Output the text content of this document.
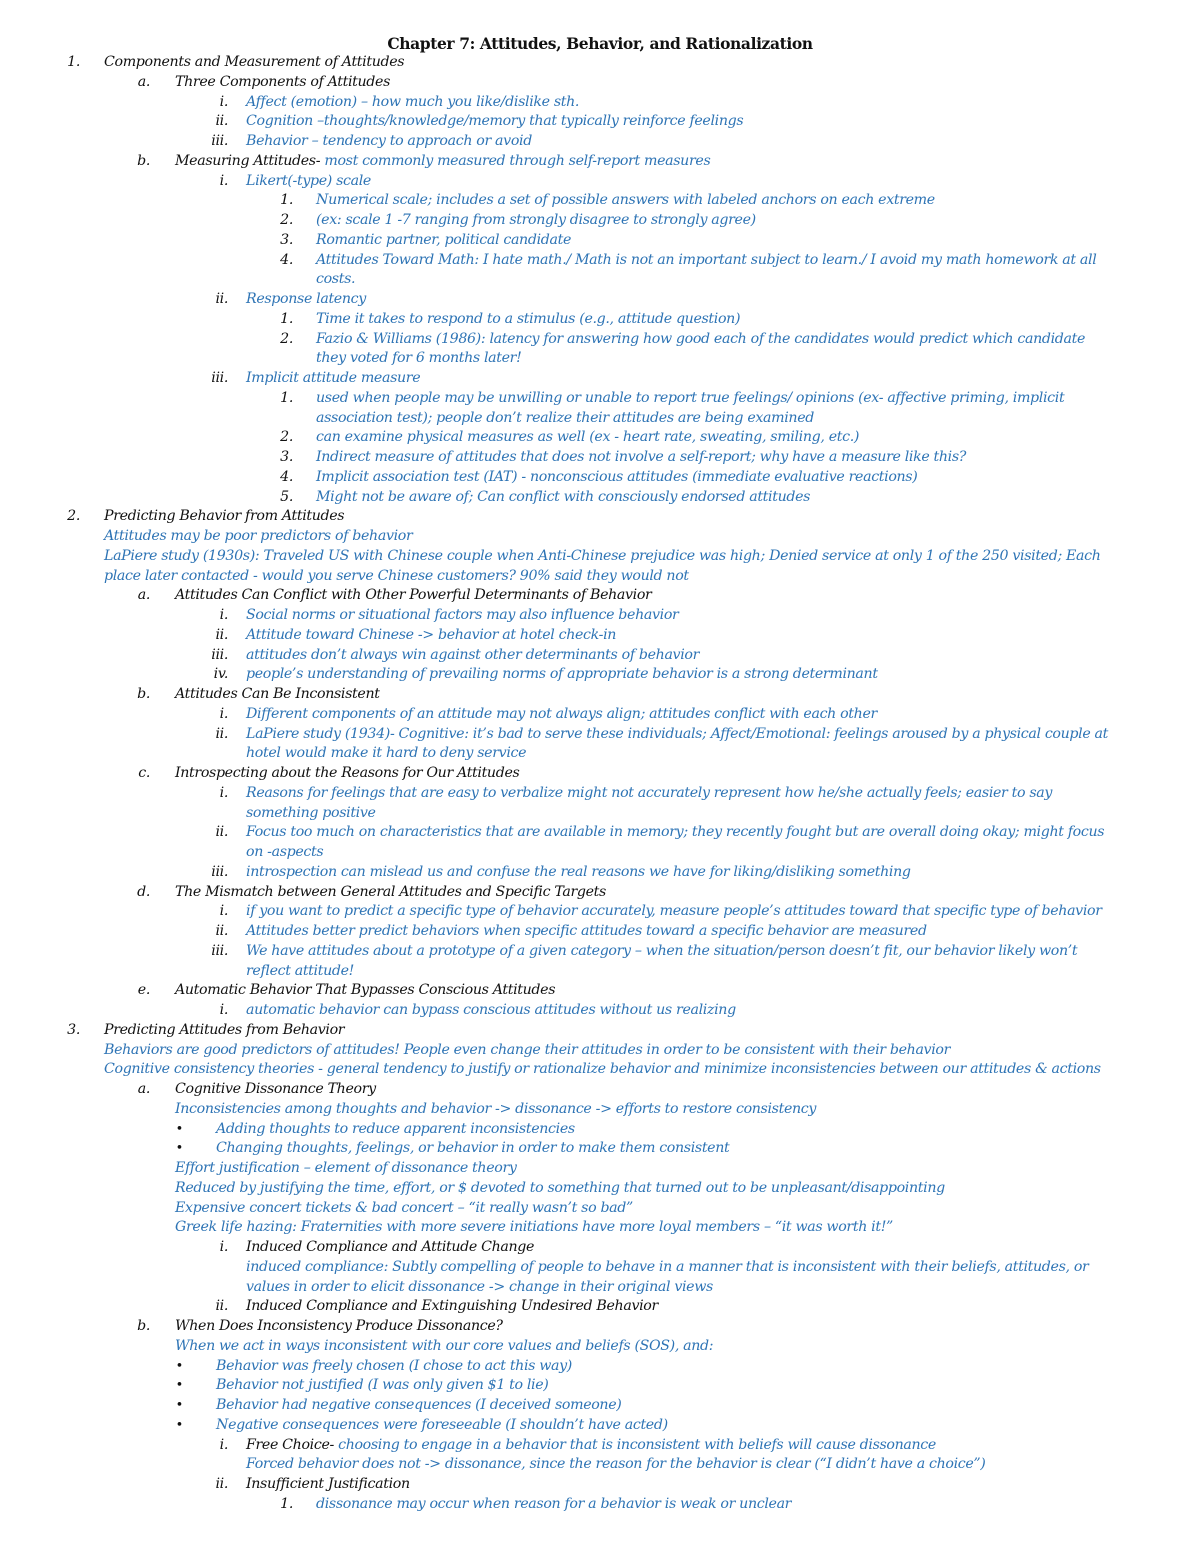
Chapter 7: Attitudes, Behavior, and Rationalization
1. Components and Measurement of Attitudes
a. Three Components of Attitudes
i. Affect (emotion) – how much you like/dislike sth.
ii. Cognition –thoughts/knowledge/memory that typically reinforce feelings
iii. Behavior – tendency to approach or avoid
b. Measuring Attitudes- most commonly measured through self-report measures
i. Likert(-type) scale
1. Numerical scale; includes a set of possible answers with labeled anchors on each extreme
2. (ex: scale 1 -7 ranging from strongly disagree to strongly agree)
3. Romantic partner, political candidate
4. Attitudes Toward Math: I hate math./ Math is not an important subject to learn./ I avoid my math homework at all
costs.
ii. Response latency
1. Time it takes to respond to a stimulus (e.g., attitude question)
2. Fazio & Williams (1986): latency for answering how good each of the candidates would predict which candidate
they voted for 6 months later!
iii. Implicit attitude measure
1. used when people may be unwilling or unable to report true feelings/ opinions (ex- affective priming, implicit
association test); people don’t realize their attitudes are being examined
2. can examine physical measures as well (ex - heart rate, sweating, smiling, etc.)
3. Indirect measure of attitudes that does not involve a self-report; why have a measure like this?
4. Implicit association test (IAT) - nonconscious attitudes (immediate evaluative reactions)
5. Might not be aware of; Can conflict with consciously endorsed attitudes
2. Predicting Behavior from Attitudes
Attitudes may be poor predictors of behavior
LaPiere study (1930s): Traveled US with Chinese couple when Anti-Chinese prejudice was high; Denied service at only 1 of the 250 visited; Each
place later contacted - would you serve Chinese customers? 90% said they would not
a. Attitudes Can Conflict with Other Powerful Determinants of Behavior
i. Social norms or situational factors may also influence behavior
ii. Attitude toward Chinese -> behavior at hotel check-in
iii. attitudes don’t always win against other determinants of behavior
iv. people’s understanding of prevailing norms of appropriate behavior is a strong determinant
b. Attitudes Can Be Inconsistent
i. Different components of an attitude may not always align; attitudes conflict with each other
ii. LaPiere study (1934)- Cognitive: it’s bad to serve these individuals; Affect/Emotional: feelings aroused by a physical couple at
hotel would make it hard to deny service
c. Introspecting about the Reasons for Our Attitudes
i. Reasons for feelings that are easy to verbalize might not accurately represent how he/she actually feels; easier to say
something positive
ii. Focus too much on characteristics that are available in memory; they recently fought but are overall doing okay; might focus
on -aspects
iii. introspection can mislead us and confuse the real reasons we have for liking/disliking something
d. The Mismatch between General Attitudes and Specific Targets
i. if you want to predict a specific type of behavior accurately, measure people’s attitudes toward that specific type of behavior
ii. Attitudes better predict behaviors when specific attitudes toward a specific behavior are measured
iii. We have attitudes about a prototype of a given category – when the situation/person doesn’t fit, our behavior likely won’t
reflect attitude!
e. Automatic Behavior That Bypasses Conscious Attitudes
i. automatic behavior can bypass conscious attitudes without us realizing
3. Predicting Attitudes from Behavior
Behaviors are good predictors of attitudes! People even change their attitudes in order to be consistent with their behavior
Cognitive consistency theories - general tendency to justify or rationalize behavior and minimize inconsistencies between our attitudes & actions
a. Cognitive Dissonance Theory
Inconsistencies among thoughts and behavior -> dissonance -> efforts to restore consistency
• Adding thoughts to reduce apparent inconsistencies
• Changing thoughts, feelings, or behavior in order to make them consistent
Effort justification – element of dissonance theory
Reduced by justifying the time, effort, or $ devoted to something that turned out to be unpleasant/disappointing
Expensive concert tickets & bad concert – “it really wasn’t so bad”
Greek life hazing: Fraternities with more severe initiations have more loyal members – “it was worth it!”
i. Induced Compliance and Attitude Change
induced compliance: Subtly compelling of people to behave in a manner that is inconsistent with their beliefs, attitudes, or
values in order to elicit dissonance -> change in their original views
ii. Induced Compliance and Extinguishing Undesired Behavior
b. When Does Inconsistency Produce Dissonance?
When we act in ways inconsistent with our core values and beliefs (SOS), and:
• Behavior was freely chosen (I chose to act this way)
• Behavior not justified (I was only given $1 to lie)
• Behavior had negative consequences (I deceived someone)
• Negative consequences were foreseeable (I shouldn’t have acted)
i. Free Choice- choosing to engage in a behavior that is inconsistent with beliefs will cause dissonance
Forced behavior does not -> dissonance, since the reason for the behavior is clear (“I didn’t have a choice”)
ii. Insufficient Justification
1. dissonance may occur when reason for a behavior is weak or unclear
